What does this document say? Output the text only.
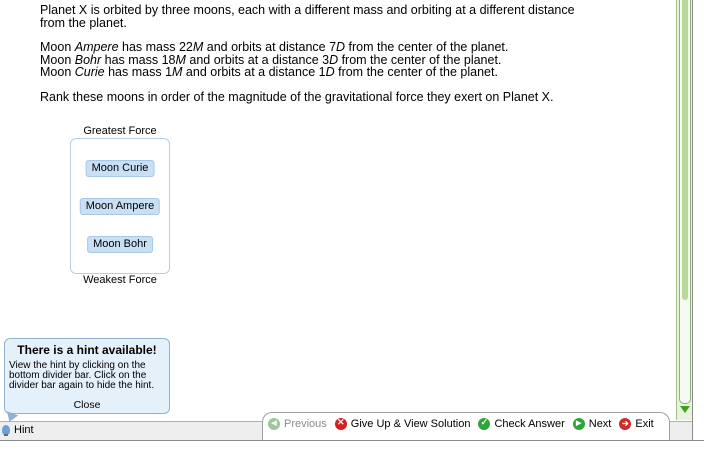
Planet X is orbited by three moons, each with a different mass and orbiting at a different distance from the planet.

Moon Ampere has mass 22M and orbits at distance 7D from the center of the planet.
Moon Bohr has mass 18M and orbits at a distance 3D from the center of the planet.
Moon Curie has mass 1M and orbits at a distance 1D from the center of the planet.

Rank these moons in order of the magnitude of the gravitational force they exert on Planet X.

Greatest Force
Moon Curie
Moon Ampere
Moon Bohr
Weakest Force
There is a hint available!
View the hint by clicking on the bottom divider bar. Click on the divider bar again to hide the hint.
Close
Hint ◀	Previous ✕ Give Up & View Solution ✓ Check Answer ▶ Next ➔ Exit
